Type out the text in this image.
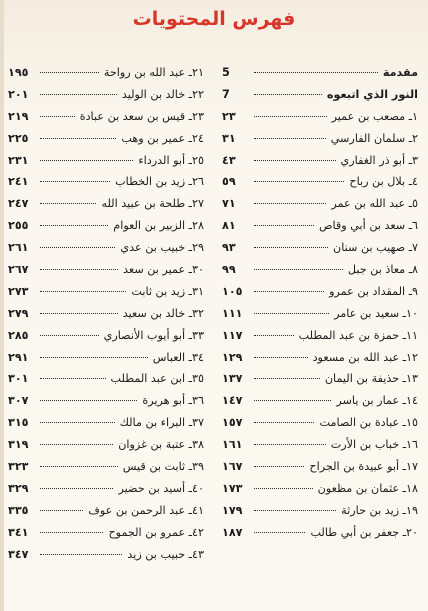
فهرس المحتويات
مقدمة
5
النور الذي اتبعوه
7
١ـ مصعب بن عمير
٢٣
٢ـ سلمان الفارسي
٣١
٣ـ أبو ذر الغفاري
٤٣
٤ـ بلال بن رباح
٥٩
٥ـ عبد الله بن عمر
٧١
٦ـ سعد بن أبي وقاص
٨١
٧ـ صهيب بن سنان
٩٣
٨ـ معاذ بن جبل
٩٩
٩ـ المقداد بن عمرو
١٠٥
١٠ـ سعيد بن عامر
١١١
١١ـ حمزة بن عبد المطلب
١١٧
١٢ـ عبد الله بن مسعود
١٢٩
١٣ـ حذيفة بن اليمان
١٣٧
١٤ـ عمار بن ياسر
١٤٧
١٥ـ عبادة بن الصامت
١٥٧
١٦ـ خباب بن الأرت
١٦١
١٧ـ أبو عبيدة بن الجراح
١٦٧
١٨ـ عثمان بن مظعون
١٧٣
١٩ـ زيد بن حارثة
١٧٩
٢٠ـ جعفر بن أبي طالب
١٨٧
٢١ـ عبد الله بن رواحة
١٩٥
٢٢ـ خالد بن الوليد
٢٠١
٢٣ـ قيس بن سعد بن عبادة
٢١٩
٢٤ـ عمير بن وهب
٢٢٥
٢٥ـ أبو الدرداء
٢٣١
٢٦ـ زيد بن الخطاب
٢٤١
٢٧ـ طلحة بن عبيد الله
٢٤٧
٢٨ـ الزبير بن العوام
٢٥٥
٢٩ـ خبيب بن عدي
٢٦١
٣٠ـ عمير بن سعد
٢٦٧
٣١ـ زيد بن ثابت
٢٧٣
٣٢ـ خالد بن سعيد
٢٧٩
٣٣ـ أبو أيوب الأنصاري
٢٨٥
٣٤ـ العباس
٢٩١
٣٥ـ ابن عبد المطلب
٣٠١
٣٦ـ أبو هريرة
٣٠٧
٣٧ـ البراء بن مالك
٣١٥
٣٨ـ عتبة بن غزوان
٣١٩
٣٩ـ ثابت بن قيس
٣٢٣
٤٠ـ أسيد بن حضير
٣٢٩
٤١ـ عبد الرحمن بن عوف
٣٣٥
٤٢ـ عمرو بن الجموح
٣٤١
٤٣ـ حبيب بن زيد
٣٤٧
